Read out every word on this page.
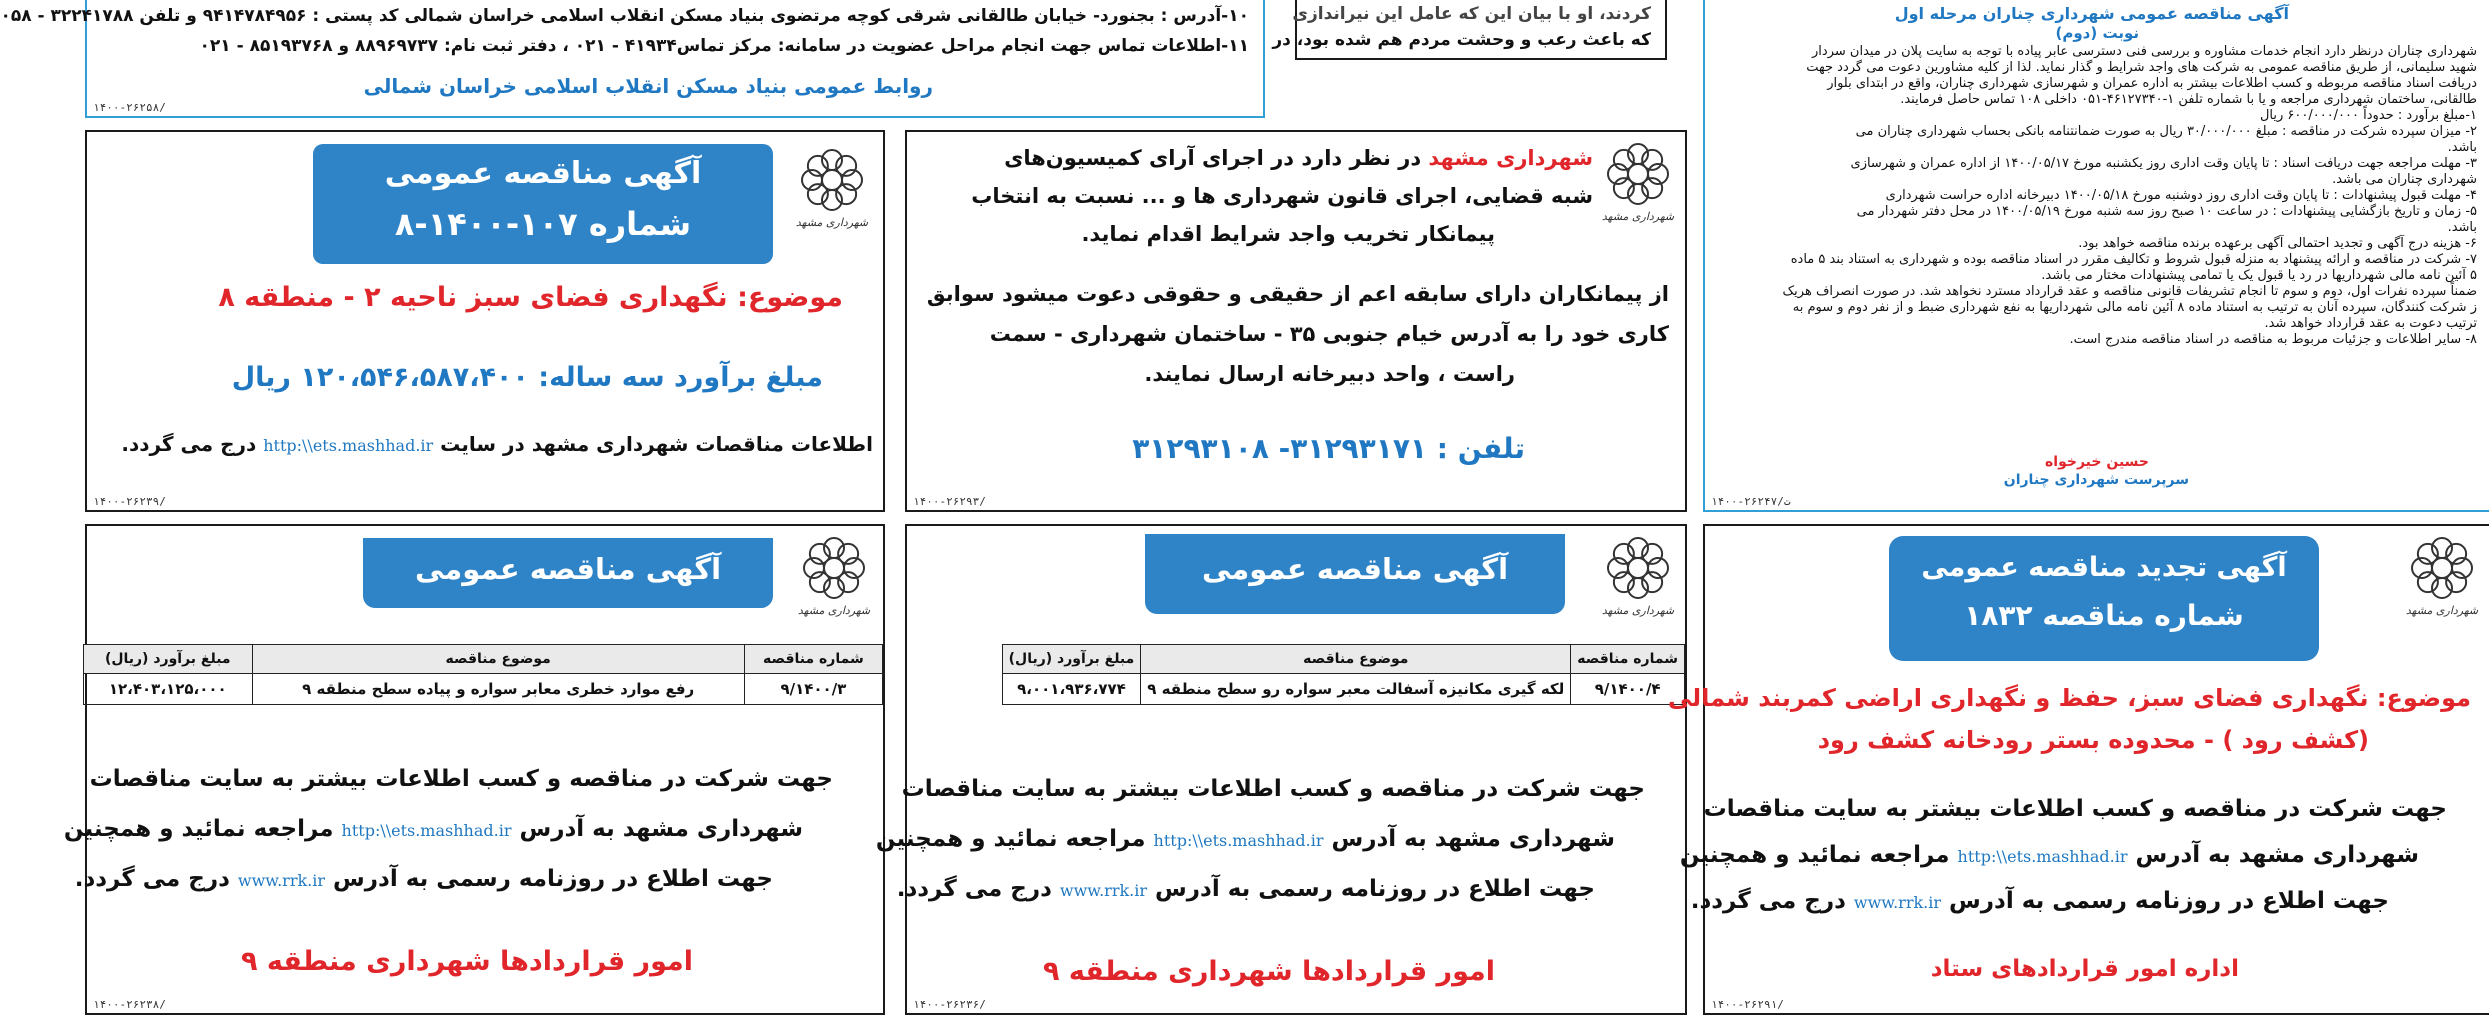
۱۰-آدرس : بجنورد- خیابان طالقانی شرقی کوچه مرتضوی بنیاد مسکن انقلاب اسلامی خراسان شمالی کد پستی : ۹۴۱۴۷۸۴۹۵۶ و تلفن ۳۲۲۴۱۷۸۸ - ۰۵۸
۱۱-اطلاعات تماس جهت انجام مراحل عضویت در سامانه: مرکز تماس۴۱۹۳۴ - ۰۲۱ ، دفتر ثبت نام: ۸۸۹۶۹۷۳۷ و ۸۵۱۹۳۷۶۸ - ۰۲۱
روابط عمومی بنیاد مسکن انقلاب اسلامی خراسان شمالی
۱۴۰۰-۲۶۲۵۸/
کردند، او با بیان این که عامل این نیراندازی
که باعث رعب و وحشت مردم هم شده بود، در
آگهی مناقصه عمومی شهرداری چناران مرحله اول
نوبت (دوم)
شهرداری چناران درنظر دارد انجام خدمات مشاوره و بررسی فنی دسترسی عابر پیاده با توجه به سایت پلان در میدان سردار
شهید سلیمانی، از طریق مناقصه عمومی به شرکت های واجد شرایط و گذار نماید. لذا از کلیه مشاورین دعوت می گردد جهت
دریافت اسناد مناقصه مربوطه و کسب اطلاعات بیشتر به اداره عمران و شهرسازی شهرداری چناران، واقع در ابتدای بلوار
طالقانی، ساختمان شهرداری مراجعه و یا با شماره تلفن ۱-۴۶۱۲۷۳۴۰-۰۵۱ داخلی ۱۰۸ تماس حاصل فرمایند.
۱-مبلغ برآورد : حدوداً ۶۰۰/۰۰۰/۰۰۰ ریال
۲- میزان سپرده شرکت در مناقصه : مبلغ ۳۰/۰۰۰/۰۰۰ ریال به صورت ضمانتنامه بانکی بحساب شهرداری چناران می
باشد.
۳- مهلت مراجعه جهت دریافت اسناد : تا پایان وقت اداری روز یکشنبه مورخ ۱۴۰۰/۰۵/۱۷ از اداره عمران و شهرسازی
شهرداری چناران می باشد.
۴- مهلت قبول پیشنهادات : تا پایان وقت اداری روز دوشنبه مورخ ۱۴۰۰/۰۵/۱۸ دبیرخانه اداره حراست شهرداری
۵- زمان و تاریخ بازگشایی پیشنهادات : در ساعت ۱۰ صبح روز سه شنبه مورخ ۱۴۰۰/۰۵/۱۹ در محل دفتر شهردار می
باشد.
۶- هزینه درج آگهی و تجدید احتمالی آگهی برعهده برنده مناقصه خواهد بود.
۷- شرکت در مناقصه و ارائه پیشنهاد به منزله قبول شروط و تکالیف مقرر در اسناد مناقصه بوده و شهرداری به استناد بند ۵ ماده
۵ آئین نامه مالی شهرداریها در رد یا قبول یک یا تمامی پیشنهادات مختار می باشد.
ضمناً سپرده نفرات اول، دوم و سوم تا انجام تشریفات قانونی مناقصه و عقد قرارداد مسترد نخواهد شد. در صورت انصراف هریک
ز شرکت کنندگان، سپرده آنان به ترتیب به استناد ماده ۸ آئین نامه مالی شهرداریها به نفع شهرداری ضبط و از نفر دوم و سوم به
ترتیب دعوت به عقد قرارداد خواهد شد.
۸- سایر اطلاعات و جزئیات مربوط به مناقصه در اسناد مناقصه مندرج است.
حسین خیرخواه
سرپرست شهرداری چناران
۱۴۰۰-۲۶۲۴۷/ت
آگهی مناقصه عمومی
شماره ۱۰۷-۱۴۰۰-۸	شهرداری مشهد
موضوع: نگهداری فضای سبز ناحیه ۲ - منطقه ۸
مبلغ برآورد سه ساله: ۱۲۰،۵۴۶،۵۸۷،۴۰۰ ریال
اطلاعات مناقصات شهرداری مشهد در سایت http:\\ets.mashhad.ir درج می گردد.
۱۴۰۰-۲۶۲۳۹/
شهرداری مشهد
شهرداری مشهد در نظر دارد در اجرای آرای کمیسیون‌های
شبه قضایی، اجرای قانون شهرداری ها و ... نسبت به انتخاب
پیمانکار تخریب واجد شرایط اقدام نماید.
از پیمانکاران دارای سابقه اعم از حقیقی و حقوقی دعوت میشود سوابق
کاری خود را به آدرس خیام جنوبی ۳۵ - ساختمان شهرداری - سمت
راست ، واحد دبیرخانه ارسال نمایند.
تلفن : ۳۱۲۹۳۱۷۱- ۳۱۲۹۳۱۰۸
۱۴۰۰-۲۶۲۹۳/
شهرداری مشهد
آگهی مناقصه عمومی
شماره مناقصه	موضوع مناقصه	مبلغ برآورد (ریال)
۹/۱۴۰۰/۳	رفع موارد خطری معابر سواره و پیاده سطح منطقه ۹	۱۲،۴۰۳،۱۲۵،۰۰۰
جهت شرکت در مناقصه و کسب اطلاعات بیشتر به سایت مناقصات
شهرداری مشهد به آدرس http:\\ets.mashhad.ir مراجعه نمائید و همچنین
جهت اطلاع در روزنامه رسمی به آدرس www.rrk.ir درج می گردد.
امور قراردادها شهرداری منطقه ۹
۱۴۰۰-۲۶۲۳۸/
شهرداری مشهد
آگهی مناقصه عمومی
شماره مناقصه	موضوع مناقصه	مبلغ برآورد (ریال)
۹/۱۴۰۰/۴	لکه گیری مکانیزه آسفالت معبر سواره رو سطح منطقه ۹	۹،۰۰۱،۹۳۶،۷۷۴
جهت شرکت در مناقصه و کسب اطلاعات بیشتر به سایت مناقصات
شهرداری مشهد به آدرس http:\\ets.mashhad.ir مراجعه نمائید و همچنین
جهت اطلاع در روزنامه رسمی به آدرس www.rrk.ir درج می گردد.
امور قراردادها شهرداری منطقه ۹
۱۴۰۰-۲۶۲۳۶/
شهرداری مشهد
آگهی تجدید مناقصه عمومی
شماره مناقصه ۱۸۳۲
موضوع: نگهداری فضای سبز، حفظ و نگهداری اراضی کمربند شمالی
(کشف رود ) - محدوده بستر رودخانه کشف رود
جهت شرکت در مناقصه و کسب اطلاعات بیشتر به سایت مناقصات
شهرداری مشهد به آدرس http:\\ets.mashhad.ir مراجعه نمائید و همچنین
جهت اطلاع در روزنامه رسمی به آدرس www.rrk.ir درج می گردد.
اداره امور قراردادهای ستاد
۱۴۰۰-۲۶۲۹۱/
